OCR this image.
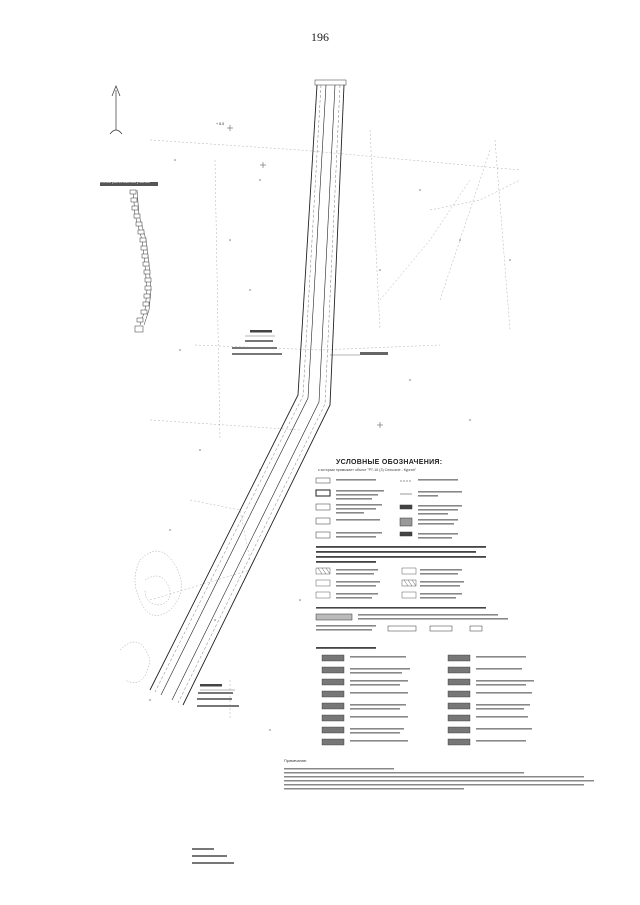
196
УСЛОВНЫЕ ОБОЗНАЧЕНИЯ:
к которым примыкает объект "РТ-16 (3) Сельское - Курган"
Схема расположения участка
+ 8.5
Примечание:
